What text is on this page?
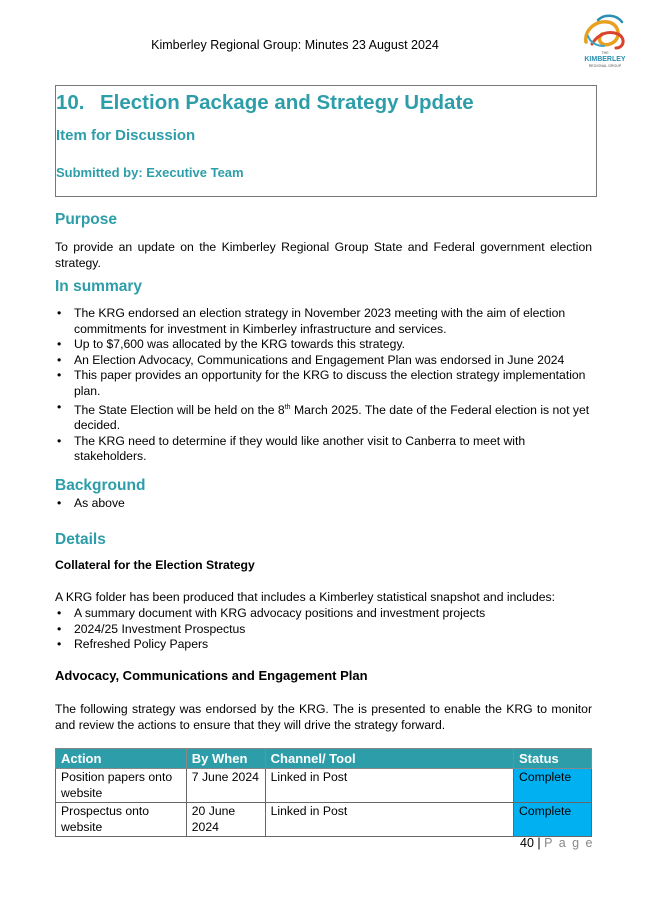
Kimberley Regional Group: Minutes 23 August 2024
THE
KIMBERLEY
REGIONAL GROUP
10. Election Package and Strategy Update
Item for Discussion
Submitted by: Executive Team
Purpose
To provide an update on the Kimberley Regional Group State and Federal government election strategy.
In summary
• The KRG endorsed an election strategy in November 2023 meeting with the aim of election commitments for investment in Kimberley infrastructure and services.
• Up to $7,600 was allocated by the KRG towards this strategy.
• An Election Advocacy, Communications and Engagement Plan was endorsed in June 2024
• This paper provides an opportunity for the KRG to discuss the election strategy implementation plan.
• The State Election will be held on the 8th March 2025. The date of the Federal election is not yet decided.
• The KRG need to determine if they would like another visit to Canberra to meet with stakeholders.
Background
• As above
Details
Collateral for the Election Strategy
A KRG folder has been produced that includes a Kimberley statistical snapshot and includes:
• A summary document with KRG advocacy positions and investment projects
• 2024/25 Investment Prospectus
• Refreshed Policy Papers
Advocacy, Communications and Engagement Plan
The following strategy was endorsed by the KRG. The is presented to enable the KRG to monitor and review the actions to ensure that they will drive the strategy forward.
Action	By When	Channel/ Tool	Status
Position papers onto website	7 June 2024	Linked in Post	Complete
Prospectus onto website	20 June 2024	Linked in Post	Complete
40 | P a g e
